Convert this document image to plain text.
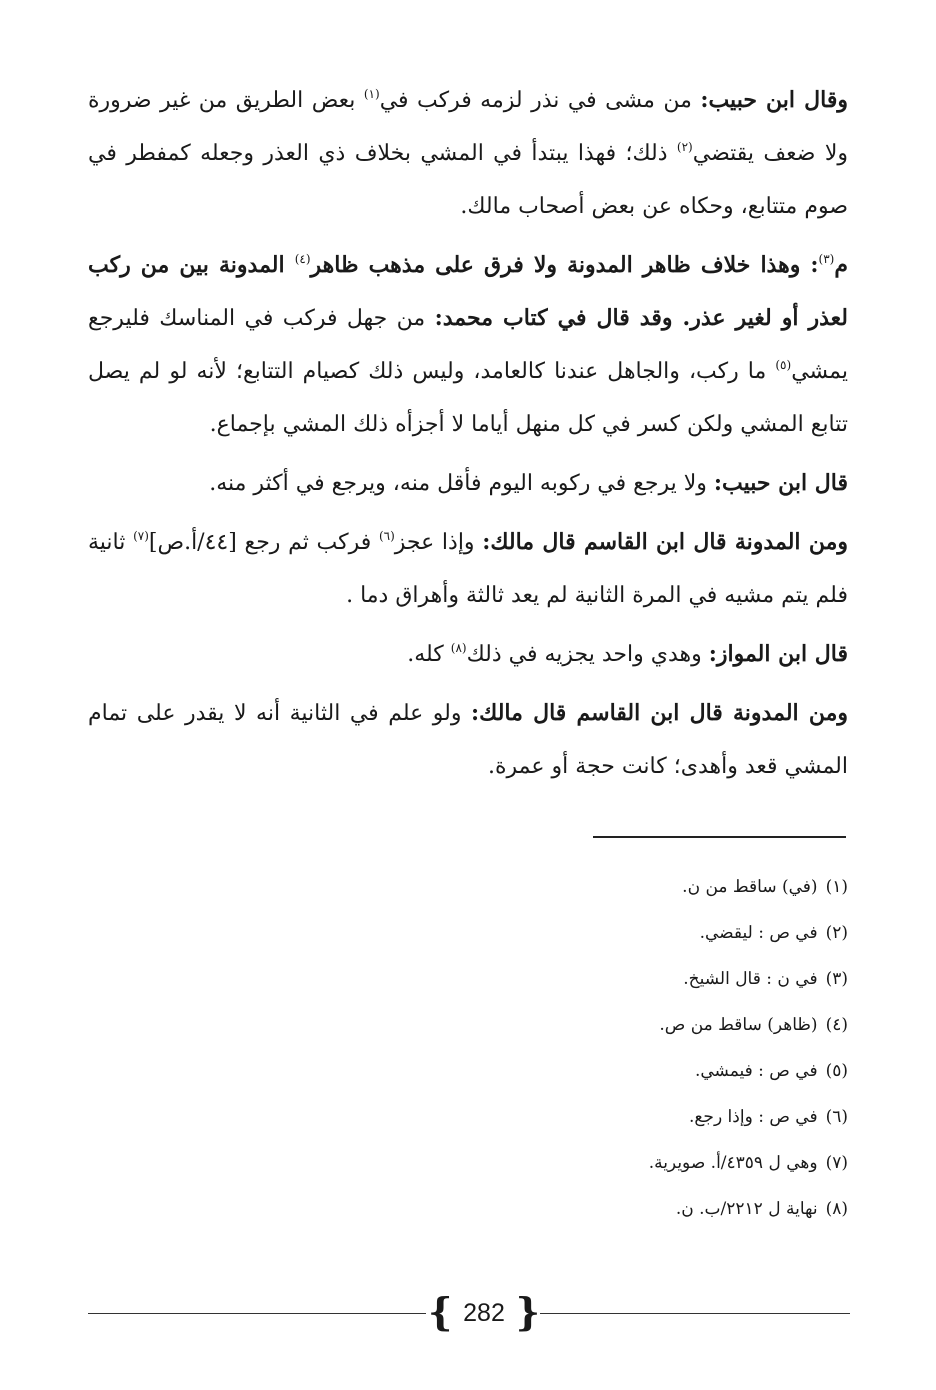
وقال ابن حبيب: من مشى في نذر لزمه فركب في$^{(١)}$ بعض الطريق من غير ضرورة ولا ضعف يقتضي$^{(٢)}$ ذلك؛ فهذا يبتدأ في المشي بخلاف ذي العذر وجعله كمفطر في صوم متتابع، وحكاه عن بعض أصحاب مالك.

م$^{(٣)}$: وهذا خلاف ظاهر المدونة ولا فرق على مذهب ظاهر$^{(٤)}$ المدونة بين من ركب لعذر أو لغير عذر. وقد قال في كتاب محمد: من جهل فركب في المناسك فليرجع يمشي$^{(٥)}$ ما ركب، والجاهل عندنا كالعامد، وليس ذلك كصيام التتابع؛ لأنه لو لم يصل تتابع المشي ولكن كسر في كل منهل أياما لا أجزأه ذلك المشي بإجماع.

قال ابن حبيب: ولا يرجع في ركوبه اليوم فأقل منه، ويرجع في أكثر منه.

ومن المدونة قال ابن القاسم قال مالك: وإذا عجز$^{(٦)}$ فركب ثم رجع [٤٤/أ.ص]$^{(٧)}$ ثانية فلم يتم مشيه في المرة الثانية لم يعد ثالثة وأهراق دما .

قال ابن المواز: وهدي واحد يجزيه في ذلك$^{(٨)}$ كله.

ومن المدونة قال ابن القاسم قال مالك: ولو علم في الثانية أنه لا يقدر على تمام المشي قعد وأهدى؛ كانت حجة أو عمرة.

(١)(في) ساقط من ن.
(٢)في ص : ليقضي.
(٣)في ن : قال الشيخ.
(٤)(ظاهر) ساقط من ص.
(٥)في ص : فيمشي.
(٦)في ص : وإذا رجع.
(٧)وهي ل ٤٣٥٩/أ. صويرية.
(٨)نهاية ل ٢٢١٢/ب. ن.
{ 282 }
